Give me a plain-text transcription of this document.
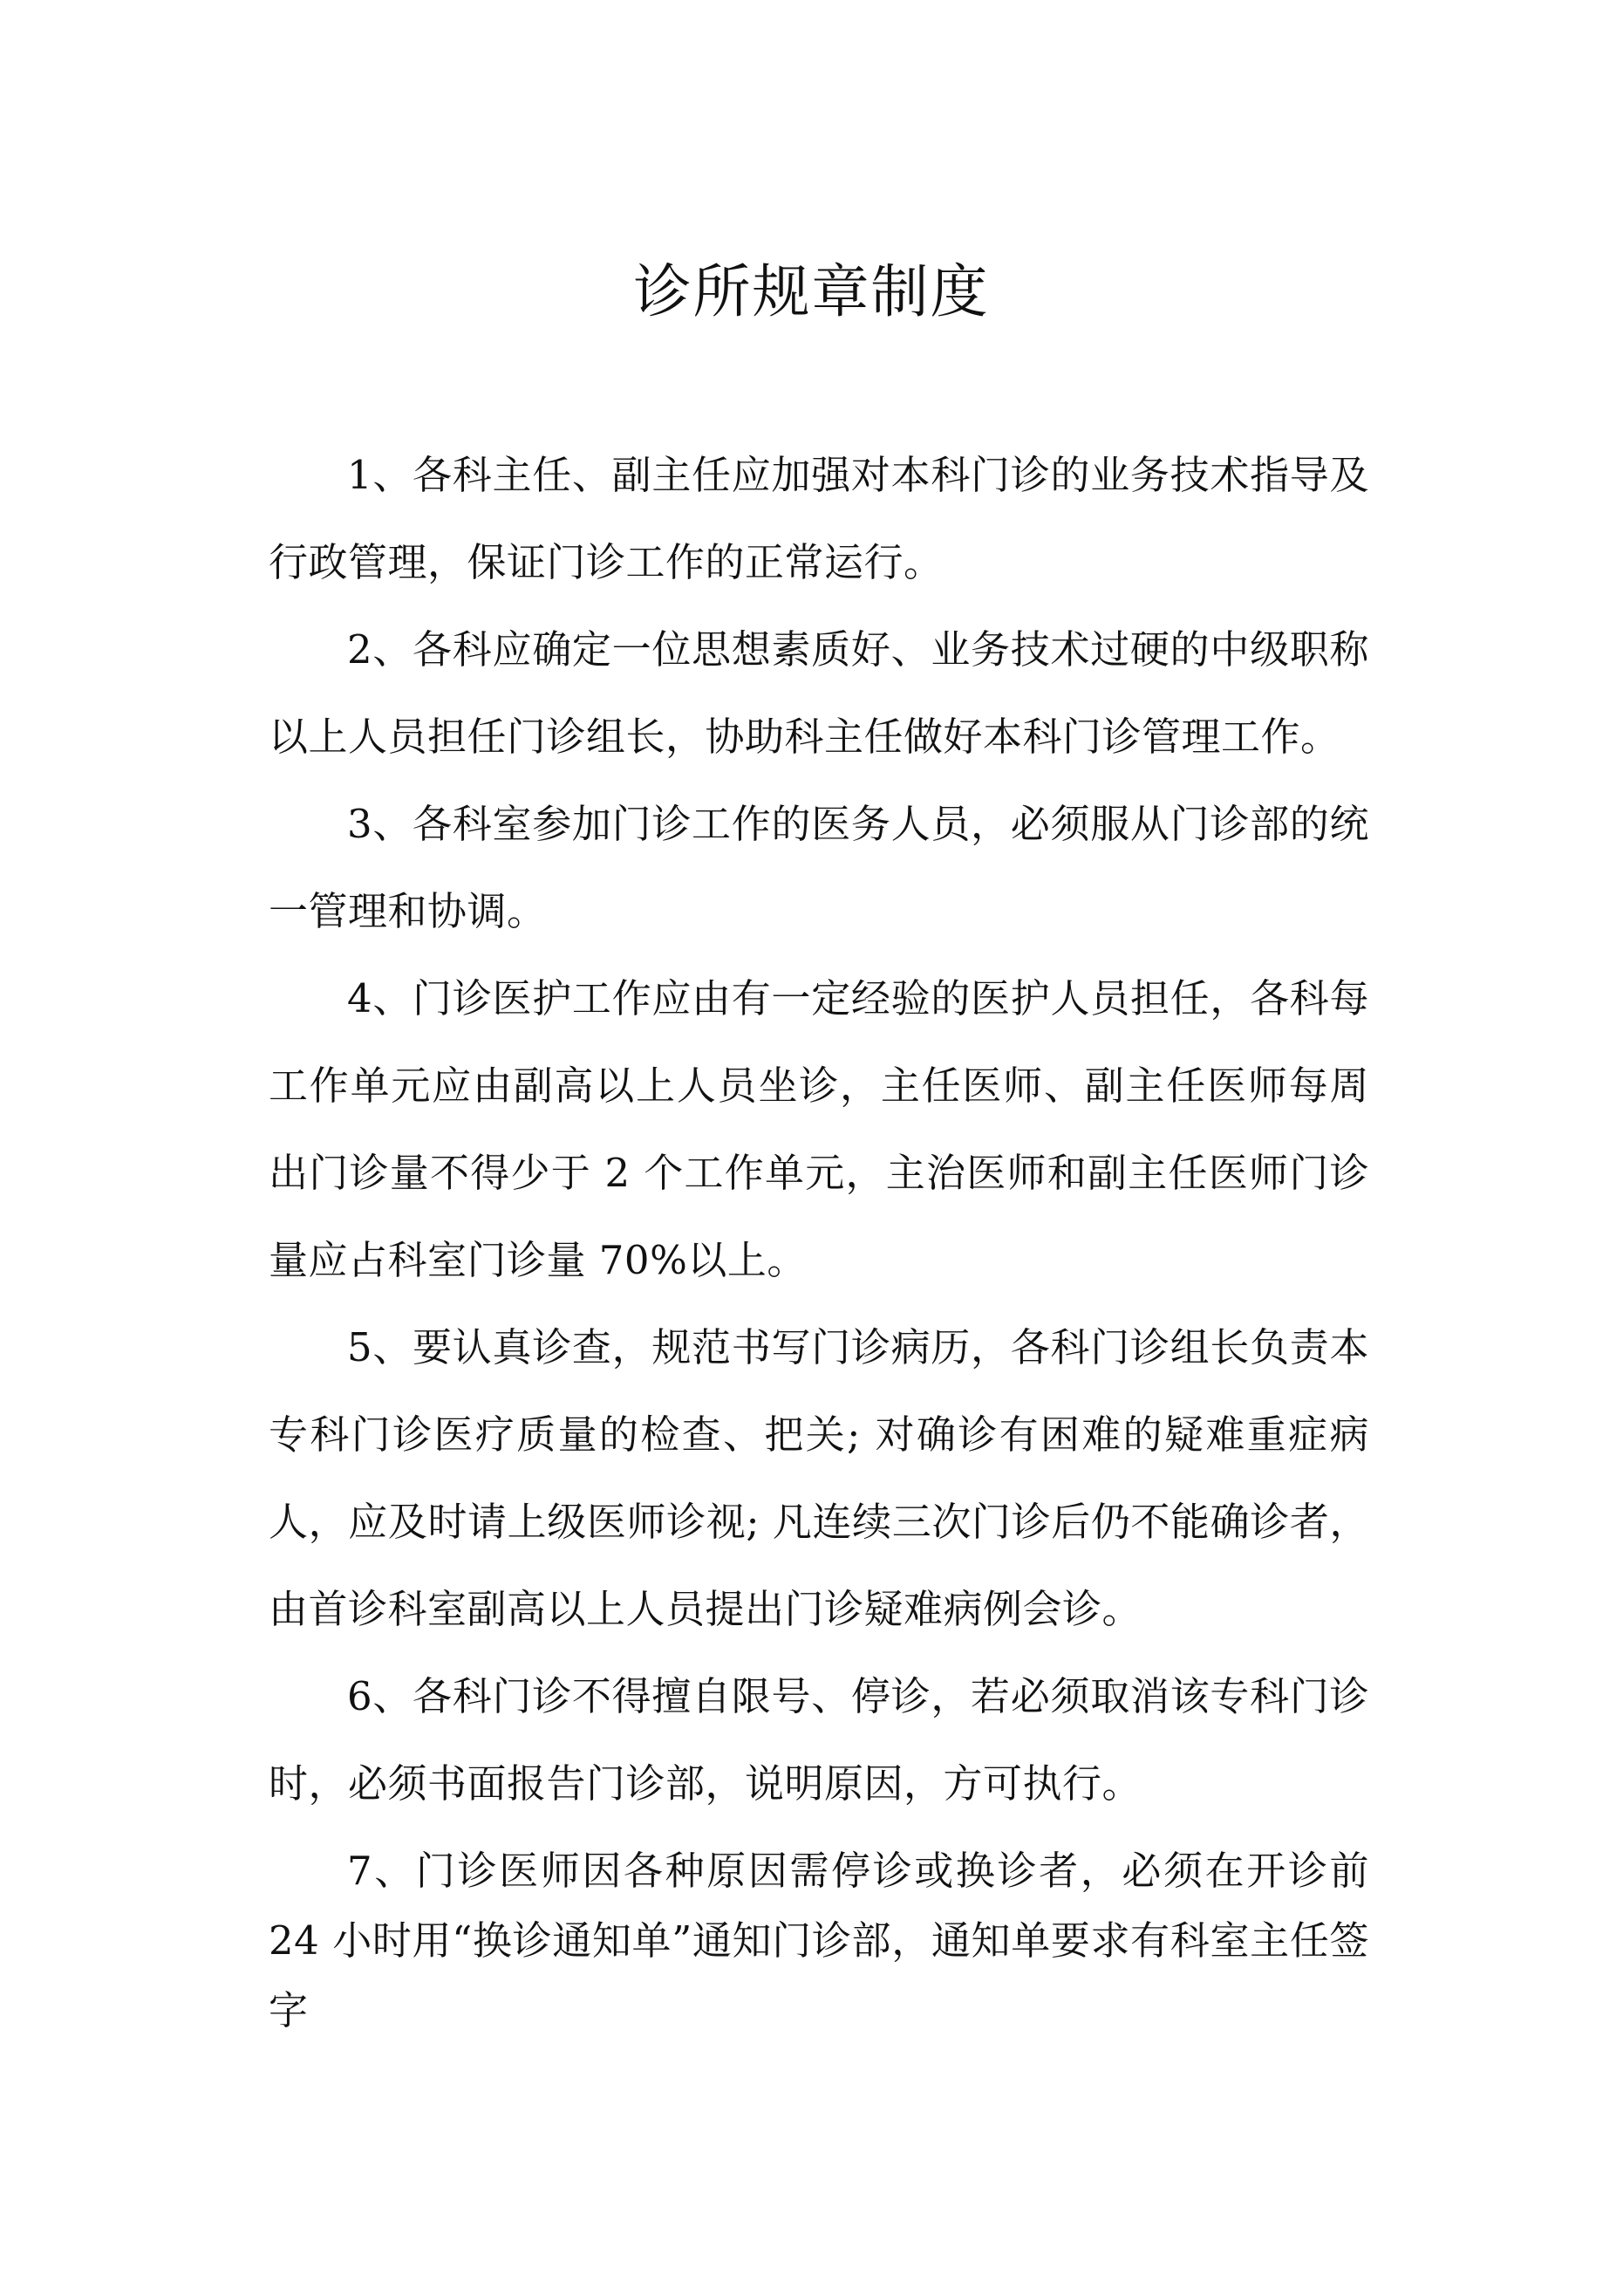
诊所规章制度

1、各科主任、副主任应加强对本科门诊的业务技术指导及行政管理，保证门诊工作的正常运行。

2、各科应确定一位思想素质好、业务技术过硬的中级职称以上人员担任门诊组长，协助科主任做好本科门诊管理工作。

3、各科室参加门诊工作的医务人员，必须服从门诊部的统一管理和协调。

4、门诊医护工作应由有一定经验的医护人员担任，各科每工作单元应由副高以上人员坐诊，主任医师、副主任医师每周出门诊量不得少于 2 个工作单元，主治医师和副主任医师门诊量应占科室门诊量 70%以上。

5、要认真诊查，规范书写门诊病历，各科门诊组长负责本专科门诊医疗质量的检查、把关; 对确诊有困难的疑难重症病人，应及时请上级医师诊视; 凡连续三次门诊后仍不能确诊者，由首诊科室副高以上人员提出门诊疑难病例会诊。

6、各科门诊不得擅自限号、停诊，若必须取消该专科门诊时，必须书面报告门诊部，说明原因，方可执行。

7、门诊医师因各种原因需停诊或换诊者，必须在开诊前 24 小时用“换诊通知单”通知门诊部，通知单要求有科室主任签字
